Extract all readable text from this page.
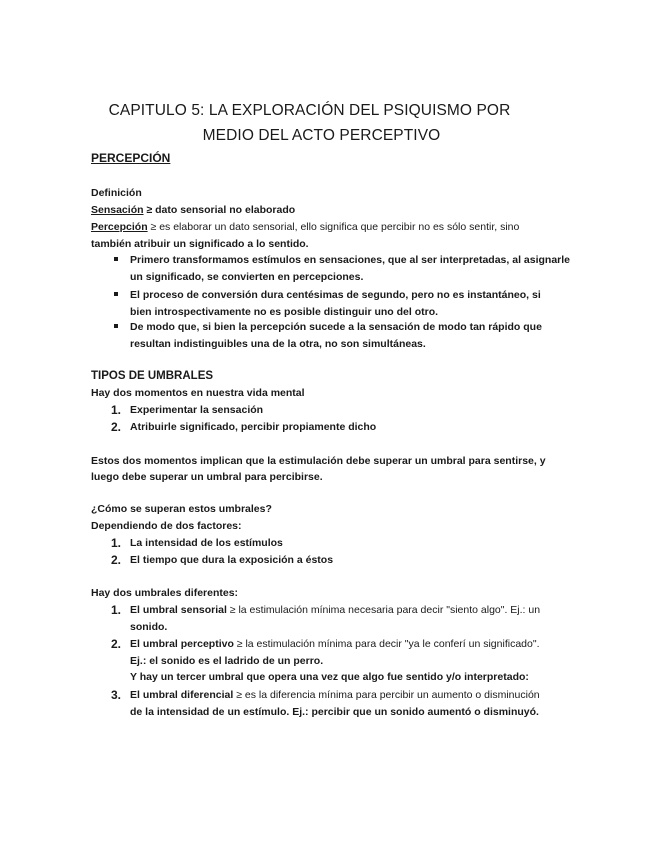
CAPITULO 5: LA EXPLORACIÓN DEL PSIQUISMO POR
MEDIO DEL ACTO PERCEPTIVO

PERCEPCIÓN

Definición

Sensación ≥ dato sensorial no elaborado

Percepción ≥ es elaborar un dato sensorial, ello significa que percibir no es sólo sentir, sino

también atribuir un significado a lo sentido.

Primero transformamos estímulos en sensaciones, que al ser interpretadas, al asignarle

un significado, se convierten en percepciones.

El proceso de conversión dura centésimas de segundo, pero no es instantáneo, si

bien introspectivamente no es posible distinguir uno del otro.

De modo que, si bien la percepción sucede a la sensación de modo tan rápido que

resultan indistinguibles una de la otra, no son simultáneas.

TIPOS DE UMBRALES

Hay dos momentos en nuestra vida mental

1. Experimentar la sensación

2. Atribuirle significado, percibir propiamente dicho

Estos dos momentos implican que la estimulación debe superar un umbral para sentirse, y

luego debe superar un umbral para percibirse.

¿Cómo se superan estos umbrales?

Dependiendo de dos factores:

1. La intensidad de los estímulos

2. El tiempo que dura la exposición a éstos

Hay dos umbrales diferentes:

1. El umbral sensorial ≥ la estimulación mínima necesaria para decir "siento algo". Ej.: un

sonido.

2. El umbral perceptivo ≥ la estimulación mínima para decir "ya le conferí un significado".

Ej.: el sonido es el ladrido de un perro.

Y hay un tercer umbral que opera una vez que algo fue sentido y/o interpretado:

3. El umbral diferencial ≥ es la diferencia mínima para percibir un aumento o disminución

de la intensidad de un estímulo. Ej.: percibir que un sonido aumentó o disminuyó.
